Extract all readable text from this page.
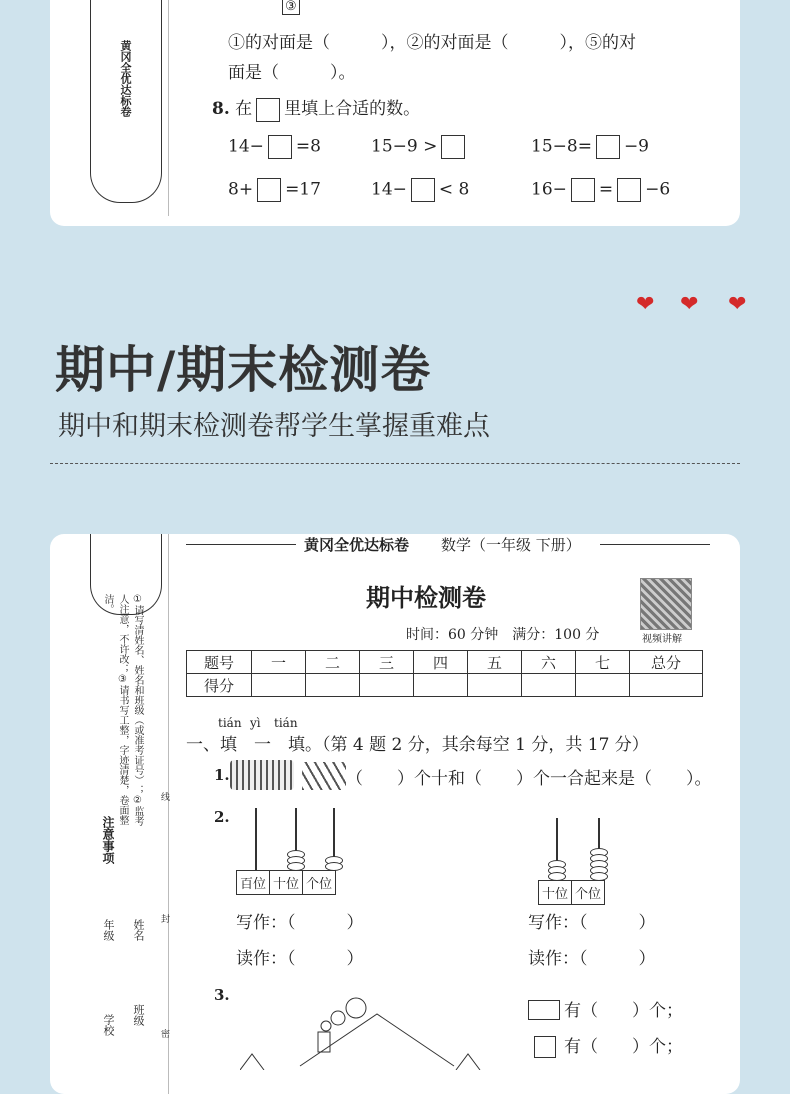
黄冈全优达标卷
③
①的对面是（　　　），②的对面是（　　　），⑤的对
面是（　　　）。
8. 在 里填上合适的数。
14− =8	15−9 >	15−8= −9
8+ =17	14− < 8	16− = −6
❤ ❤ ❤
期中/期末检测卷
期中和期末检测卷帮学生掌握重难点
①请写清姓名、姓名和班级（或准考证号）；②监考人注意，不许改；③请书写工整，字迹清楚，卷面整洁。
注意事项
学校
年级
班级
姓名
线
封
密
黄冈全优达标卷 数学（一年级 下册）
期中检测卷
时间：60 分钟　满分：100 分	视频讲解
题号	一	二	三	四	五	六	七	总分
得分								
tián yì tián
一、填　一　填。（第 4 题 2 分，其余每空 1 分，共 17 分）
1.	（　　）个十和（　　）个一合起来是（　　）。
2.
百位 十位 个位
十位 个位
写作：（　　　）
读作：（　　　）
写作：（　　　）
读作：（　　　）
3.
有（　　）个；
有（　　）个；
